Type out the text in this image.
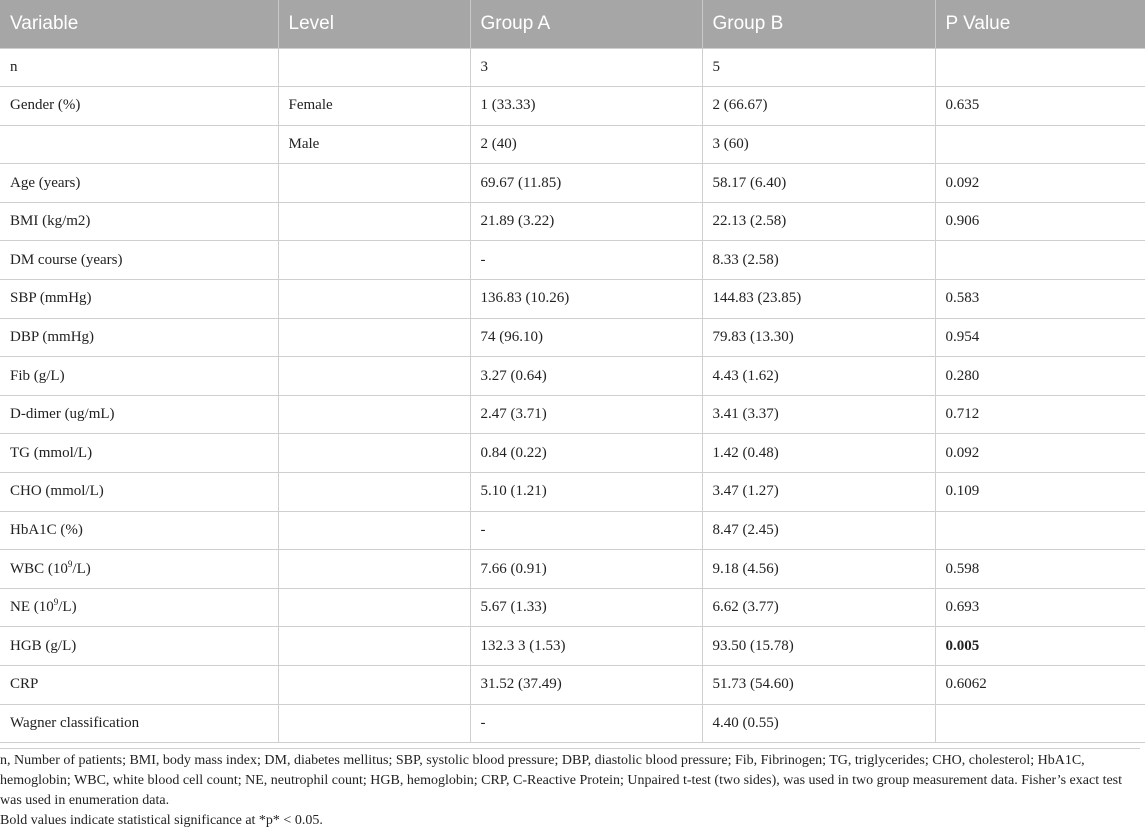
Variable	Level	Group A	Group B	P Value
n		3	5	
Gender (%)	Female	1 (33.33)	2 (66.67)	0.635
	Male	2 (40)	3 (60)	
Age (years)		69.67 (11.85)	58.17 (6.40)	0.092
BMI (kg/m2)		21.89 (3.22)	22.13 (2.58)	0.906
DM course (years)		-	8.33 (2.58)	
SBP (mmHg)		136.83 (10.26)	144.83 (23.85)	0.583
DBP (mmHg)		74 (96.10)	79.83 (13.30)	0.954
Fib (g/L)		3.27 (0.64)	4.43 (1.62)	0.280
D-dimer (ug/mL)		2.47 (3.71)	3.41 (3.37)	0.712
TG (mmol/L)		0.84 (0.22)	1.42 (0.48)	0.092
CHO (mmol/L)		5.10 (1.21)	3.47 (1.27)	0.109
HbA1C (%)		-	8.47 (2.45)	
WBC $(10^9/L)$		7.66 (0.91)	9.18 (4.56)	0.598
NE $(10^9/L)$		5.67 (1.33)	6.62 (3.77)	0.693
HGB (g/L)		132.3 3 (1.53)	93.50 (15.78)	0.005
CRP		31.52 (37.49)	51.73 (54.60)	0.6062
Wagner classification		-	4.40 (0.55)	

n, Number of patients; BMI, body mass index; DM, diabetes mellitus; SBP, systolic blood pressure; DBP, diastolic blood pressure; Fib, Fibrinogen; TG, triglycerides; CHO, cholesterol; HbA1C, hemoglobin; WBC, white blood cell count; NE, neutrophil count; HGB, hemoglobin; CRP, C-Reactive Protein; Unpaired t-test (two sides), was used in two group measurement data. Fisher’s exact test was used in enumeration data.

Bold values indicate statistical significance at *p* < 0.05.
